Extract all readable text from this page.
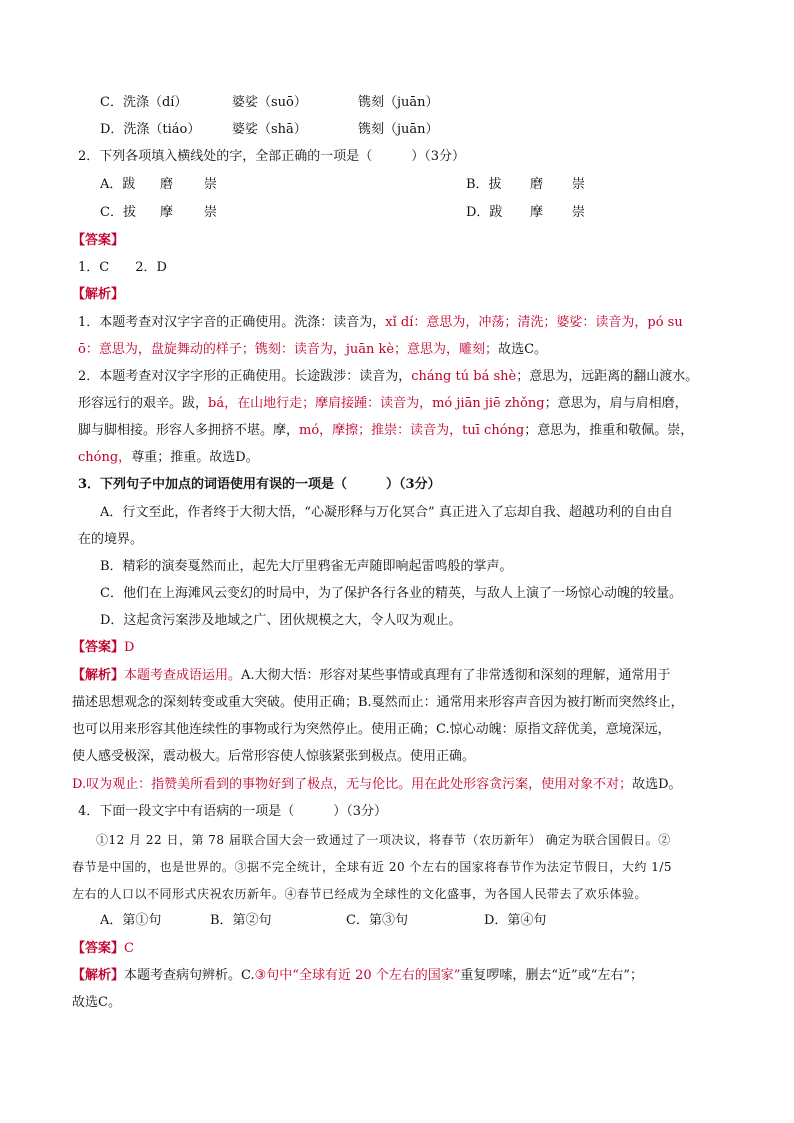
C．洗涤（dí）	婆娑（suō）	镌刻（juān）
D．洗涤（tiáo） 婆娑（shā）	镌刻（juān）
2．下列各项填入横线处的字，全部正确的一项是（　　　）（3分）
A．跋 磨 崇	B．拔 磨 崇
C．拔 摩 崇	D．跋 摩 崇
【答案】
1．C　　2．D
【解析】
1．本题考查对汉字字音的正确使用。洗涤：读音为，xǐ dí：意思为，冲荡；清洗；婆娑：读音为，pó su
ō：意思为，盘旋舞动的样子；镌刻：读音为，juān kè；意思为，雕刻；故选C。
2．本题考查对汉字字形的正确使用。长途跋涉：读音为，cháng tú bá shè；意思为，远距离的翻山渡水。
形容远行的艰辛。跋，bá，在山地行走；摩肩接踵：读音为，mó jiān jiē zhǒng；意思为，肩与肩相磨，
脚与脚相接。形容人多拥挤不堪。摩，mó，摩擦；推崇：读音为，tuī chóng；意思为，推重和敬佩。崇，
chóng，尊重；推重。故选D。
3．下列句子中加点的词语使用有误的一项是（　　　）（3分）
A．行文至此，作者终于大彻大悟，“心凝形释与万化冥合” 真正进入了忘却自我、超越功利的自由自
在的境界。
B．精彩的演奏戛然而止，起先大厅里鸦雀无声随即响起雷鸣般的掌声。
C．他们在上海滩风云变幻的时局中，为了保护各行各业的精英，与敌人上演了一场惊心动魄的较量。
D．这起贪污案涉及地域之广、团伙规模之大，令人叹为观止。
【答案】D
【解析】本题考查成语运用。A.大彻大悟：形容对某些事情或真理有了非常透彻和深刻的理解，通常用于
描述思想观念的深刻转变或重大突破。使用正确；B.戛然而止：通常用来形容声音因为被打断而突然终止，
也可以用来形容其他连续性的事物或行为突然停止。使用正确；C.惊心动魄：原指文辞优美，意境深远，
使人感受极深，震动极大。后常形容使人惊骇紧张到极点。使用正确。
D.叹为观止：指赞美所看到的事物好到了极点，无与伦比。用在此处形容贪污案，使用对象不对；故选D。
4．下面一段文字中有语病的一项是（　　　）（3分）
①12 月 22 日，第 78 届联合国大会一致通过了一项决议，将春节（农历新年） 确定为联合国假日。②
春节是中国的，也是世界的。③据不完全统计，全球有近 20 个左右的国家将春节作为法定节假日，大约 1/5
左右的人口以不同形式庆祝农历新年。④春节已经成为全球性的文化盛事，为各国人民带去了欢乐体验。
A．第①句	B．第②句	C．第③句	D．第④句
【答案】C
【解析】本题考查病句辨析。C.③句中“全球有近 20 个左右的国家”重复啰嗦，删去“近”或“左右”；
故选C。
